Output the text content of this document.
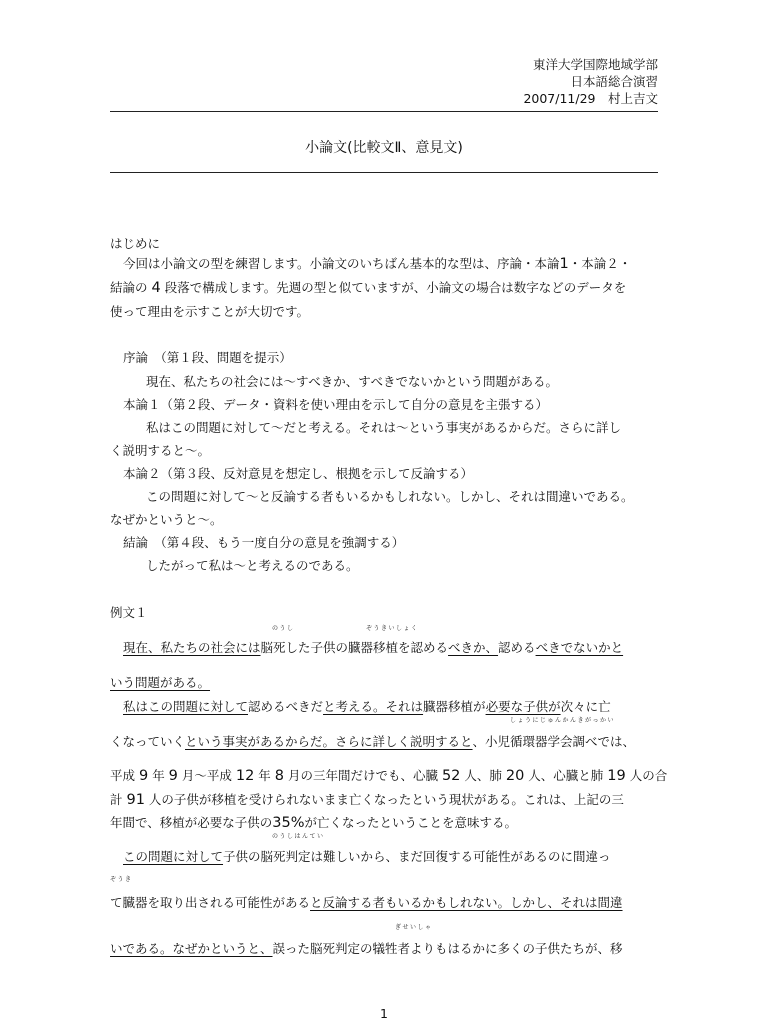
東洋大学国際地域学部
日本語総合演習
2007/11/29　村上吉文
小論文(比較文Ⅱ、意見文)
はじめに
今回は小論文の型を練習します。小論文のいちばん基本的な型は、序論・本論1・本論２・
結論の 4 段落で構成します。先週の型と似ていますが、小論文の場合は数字などのデータを
使って理由を示すことが大切です。
序論　（第１段、問題を提示）
現在、私たちの社会には～すべきか、すべきでないかという問題がある。
本論１（第２段、データ・資料を使い理由を示して自分の意見を主張する）
私はこの問題に対して～だと考える。それは～という事実があるからだ。さらに詳し
く説明すると～。
本論２（第３段、反対意見を想定し、根拠を示して反論する）
この問題に対して～と反論する者もいるかもしれない。しかし、それは間違いである。
なぜかというと～。
結論　（第４段、もう一度自分の意見を強調する）
したがって私は～と考えるのである。
例文１
のうし	ぞうきいしょく
現在、私たちの社会には脳死した子供の臓器移植を認めるべきか、認めるべきでないかと
いう問題がある。
私はこの問題に対して認めるべきだと考える。それは臓器移植が必要な子供が次々に亡
しょうにじゅんかんきがっかい
くなっていくという事実があるからだ。さらに詳しく説明すると、小児循環器学会調べでは、
平成 9 年 9 月～平成 12 年 8 月の三年間だけでも、心臓 52 人、肺 20 人、心臓と肺 19 人の合
計 91 人の子供が移植を受けられないまま亡くなったという現状がある。これは、上記の三
のうしはんてい
年間で、移植が必要な子供の35%が亡くなったということを意味する。
この問題に対して子供の脳死判定は難しいから、まだ回復する可能性があるのに間違っ
ぞうき
て臓器を取り出される可能性があると反論する者もいるかもしれない。しかし、それは間違
ぎせいしゃ
いである。なぜかというと、誤った脳死判定の犠牲者よりもはるかに多くの子供たちが、移
1
